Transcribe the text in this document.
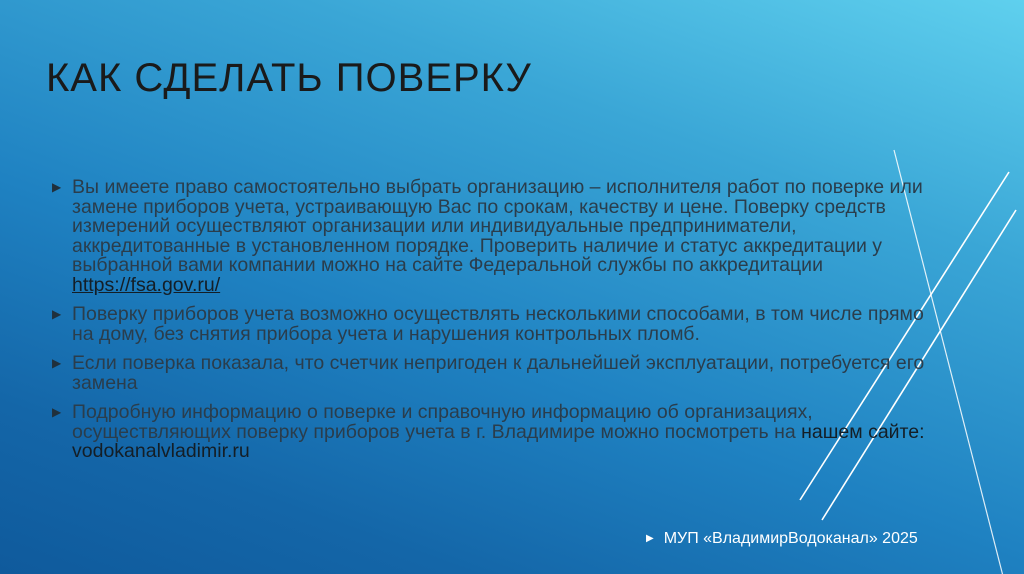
КАК СДЕЛАТЬ ПОВЕРКУ
▶ Вы имеете право самостоятельно выбрать организацию – исполнителя работ по поверке или замене приборов учета, устраивающую Вас по срокам, качеству и цене. Поверку средств измерений осуществляют организации или индивидуальные предприниматели, аккредитованные в установленном порядке. Проверить наличие и статус аккредитации у выбранной вами компании можно на сайте Федеральной службы по аккредитации https://fsa.gov.ru/
▶ Поверку приборов учета возможно осуществлять несколькими способами, в том числе прямо на дому, без снятия прибора учета и нарушения контрольных пломб.
▶ Если поверка показала, что счетчик непригоден к дальнейшей эксплуатации, потребуется его замена
▶ Подробную информацию о поверке и справочную информацию об организациях, осуществляющих поверку приборов учета в г. Владимире можно посмотреть на нашем сайте: vodokanalvladimir.ru
▶ МУП «ВладимирВодоканал» 2025
